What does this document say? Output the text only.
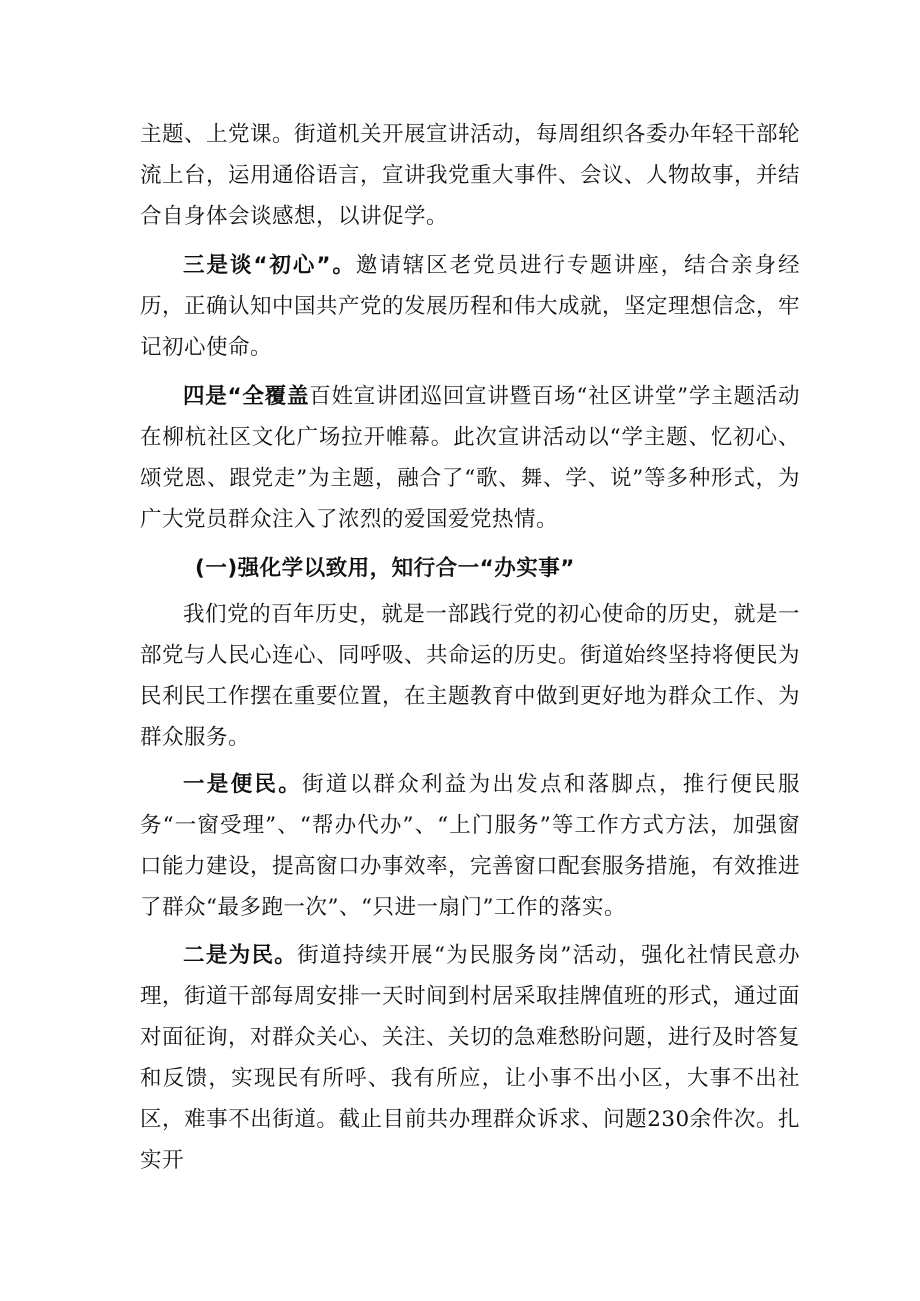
主题、上党课。街道机关开展宣讲活动，每周组织各委办年轻干部轮流上台，运用通俗语言，宣讲我党重大事件、会议、人物故事，并结合自身体会谈感想，以讲促学。

三是谈“初心”。邀请辖区老党员进行专题讲座，结合亲身经历，正确认知中国共产党的发展历程和伟大成就，坚定理想信念，牢记初心使命。

四是“全覆盖百姓宣讲团巡回宣讲暨百场“社区讲堂”学主题活动在柳杭社区文化广场拉开帷幕。此次宣讲活动以“学主题、忆初心、颂党恩、跟党走”为主题，融合了“歌、舞、学、说”等多种形式，为广大党员群众注入了浓烈的爱国爱党热情。

(一)强化学以致用，知行合一“办实事”

我们党的百年历史，就是一部践行党的初心使命的历史，就是一部党与人民心连心、同呼吸、共命运的历史。街道始终坚持将便民为民利民工作摆在重要位置，在主题教育中做到更好地为群众工作、为群众服务。

一是便民。街道以群众利益为出发点和落脚点，推行便民服务“一窗受理”、“帮办代办”、“上门服务”等工作方式方法，加强窗口能力建设，提高窗口办事效率，完善窗口配套服务措施，有效推进了群众“最多跑一次”、“只进一扇门”工作的落实。

二是为民。街道持续开展“为民服务岗”活动，强化社情民意办理，街道干部每周安排一天时间到村居采取挂牌值班的形式，通过面对面征询，对群众关心、关注、关切的急难愁盼问题，进行及时答复和反馈，实现民有所呼、我有所应，让小事不出小区，大事不出社区，难事不出街道。截止目前共办理群众诉求、问题230余件次。扎实开
